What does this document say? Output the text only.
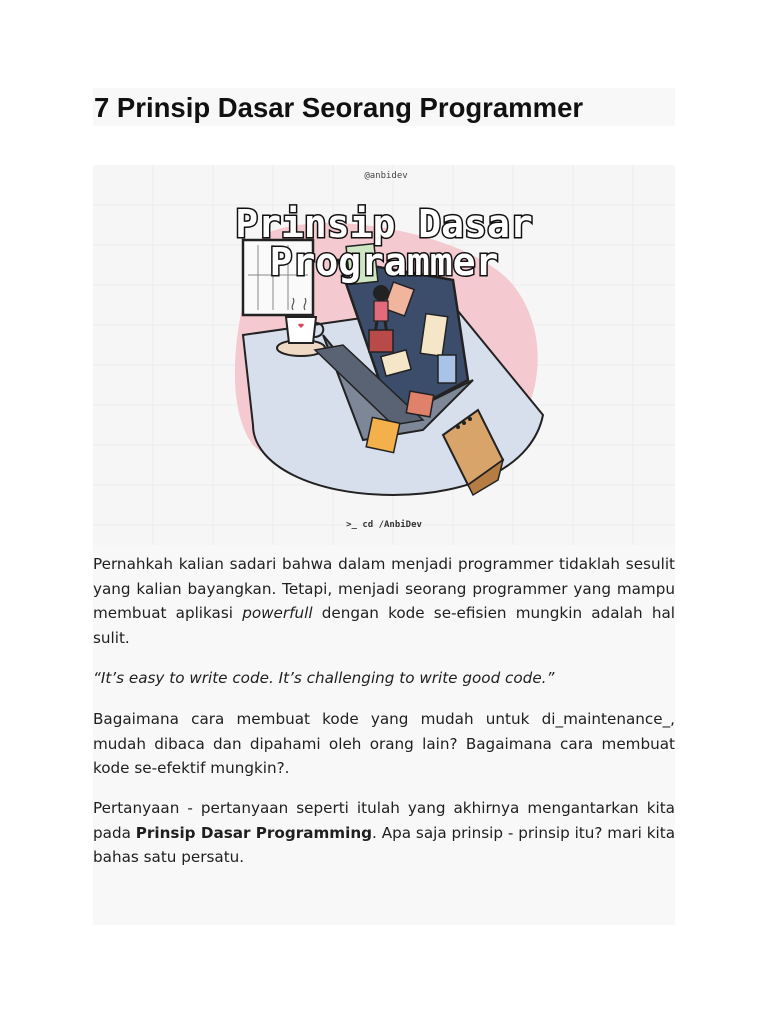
7 Prinsip Dasar Seorang Programmer
@anbidev
Prinsip Dasar
Programmer
>_ cd /AnbiDev

Pernahkah kalian sadari bahwa dalam menjadi programmer tidaklah sesulit yang kalian bayangkan. Tetapi, menjadi seorang programmer yang mampu membuat aplikasi powerfull dengan kode se-efisien mungkin adalah hal sulit.

“It’s easy to write code. It’s challenging to write good code.”

Bagaimana cara membuat kode yang mudah untuk di_maintenance_, mudah dibaca dan dipahami oleh orang lain? Bagaimana cara membuat kode se-efektif mungkin?.

Pertanyaan - pertanyaan seperti itulah yang akhirnya mengantarkan kita pada Prinsip Dasar Programming. Apa saja prinsip - prinsip itu? mari kita bahas satu persatu.
